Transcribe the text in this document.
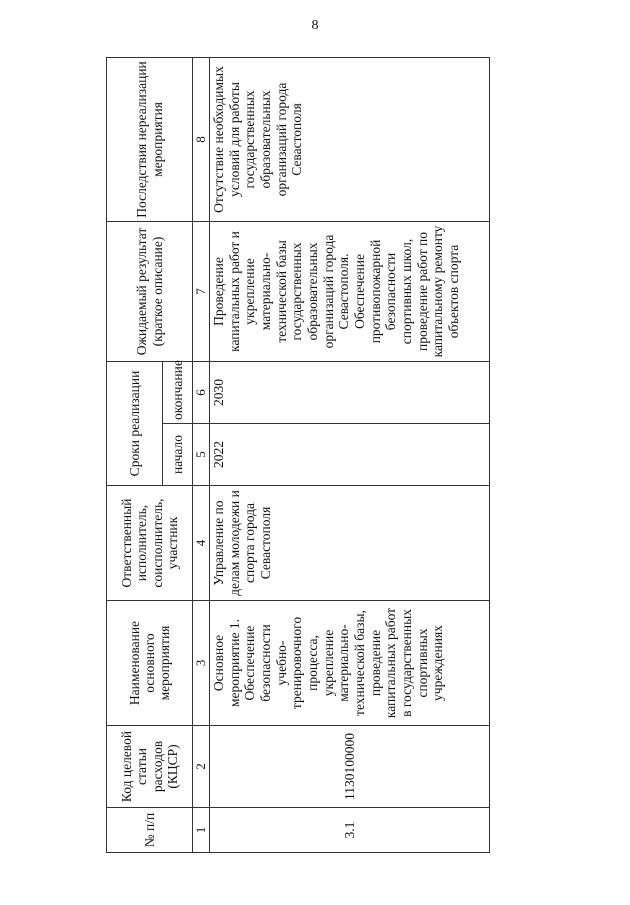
8
№ п/п	Код целевой статьи расходов (КЦСР)	Наименование основного мероприятия	Ответственный исполнитель, соисполнитель, участник	Сроки реализации		Ожидаемый результат (краткое описание)	Последствия нереализации мероприятия
				начало	окончание		
1	2	3	4	5	6	7	8
3.1	1130100000	Основное мероприятие 1. Обеспечение безопасности учебно-тренировочного процесса, укрепление материально-технической базы, проведение капитальных работ в государственных спортивных учреждениях	Управление по делам молодежи и спорта города Севастополя	2022	2030	Проведение капитальных работ и укрепление материально-технической базы государственных образовательных организаций города Севастополя. Обеспечение противопожарной безопасности спортивных школ, проведение работ по капитальному ремонту объектов спорта	Отсутствие необходимых условий для работы государственных образовательных организаций города Севастополя
